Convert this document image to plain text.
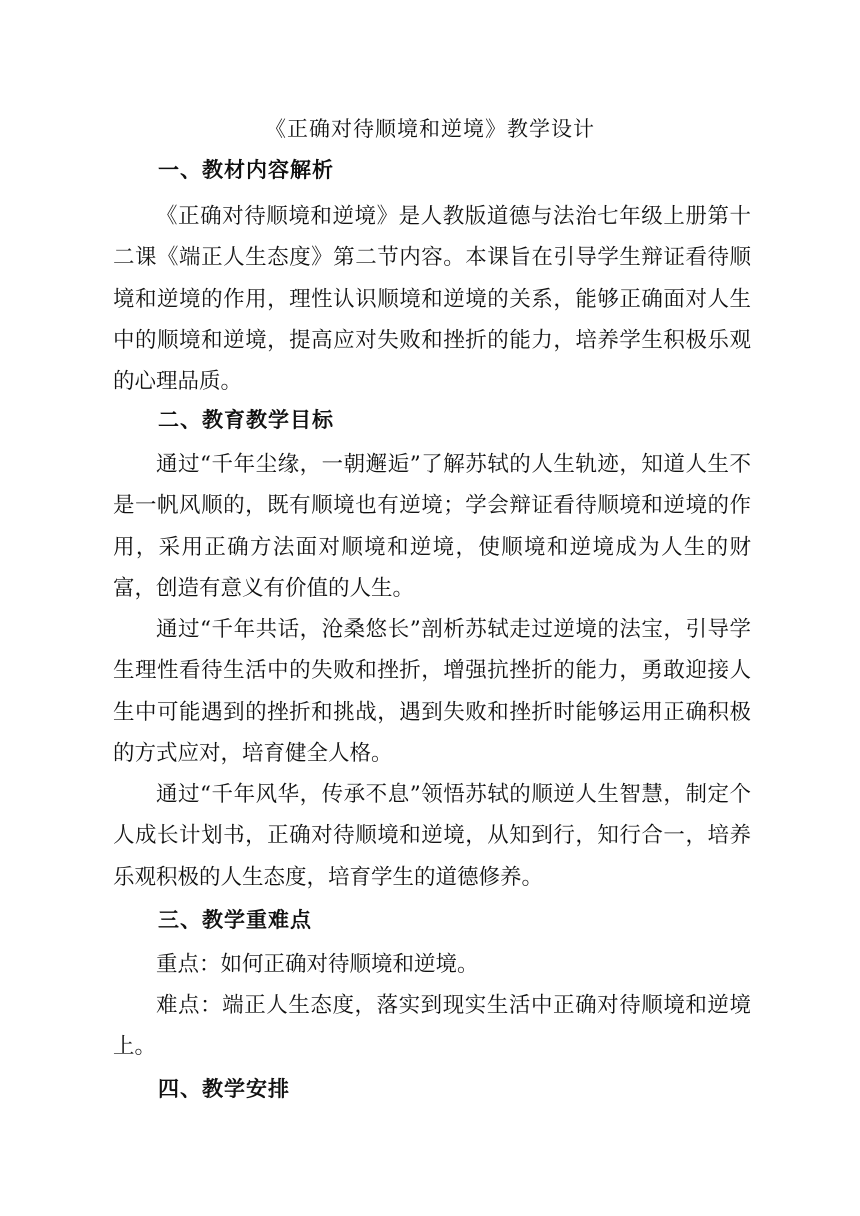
《正确对待顺境和逆境》教学设计
一、教材内容解析

《正确对待顺境和逆境》是人教版道德与法治七年级上册第十二课《端正人生态度》第二节内容。本课旨在引导学生辩证看待顺境和逆境的作用，理性认识顺境和逆境的关系，能够正确面对人生中的顺境和逆境，提高应对失败和挫折的能力，培养学生积极乐观的心理品质。

二、教育教学目标

通过“千年尘缘，一朝邂逅”了解苏轼的人生轨迹，知道人生不是一帆风顺的，既有顺境也有逆境；学会辩证看待顺境和逆境的作用，采用正确方法面对顺境和逆境，使顺境和逆境成为人生的财富，创造有意义有价值的人生。

通过“千年共话，沧桑悠长”剖析苏轼走过逆境的法宝，引导学生理性看待生活中的失败和挫折，增强抗挫折的能力，勇敢迎接人生中可能遇到的挫折和挑战，遇到失败和挫折时能够运用正确积极的方式应对，培育健全人格。

通过“千年风华，传承不息”领悟苏轼的顺逆人生智慧，制定个人成长计划书，正确对待顺境和逆境，从知到行，知行合一，培养乐观积极的人生态度，培育学生的道德修养。

三、教学重难点

重点：如何正确对待顺境和逆境。

难点：端正人生态度，落实到现实生活中正确对待顺境和逆境上。

四、教学安排
